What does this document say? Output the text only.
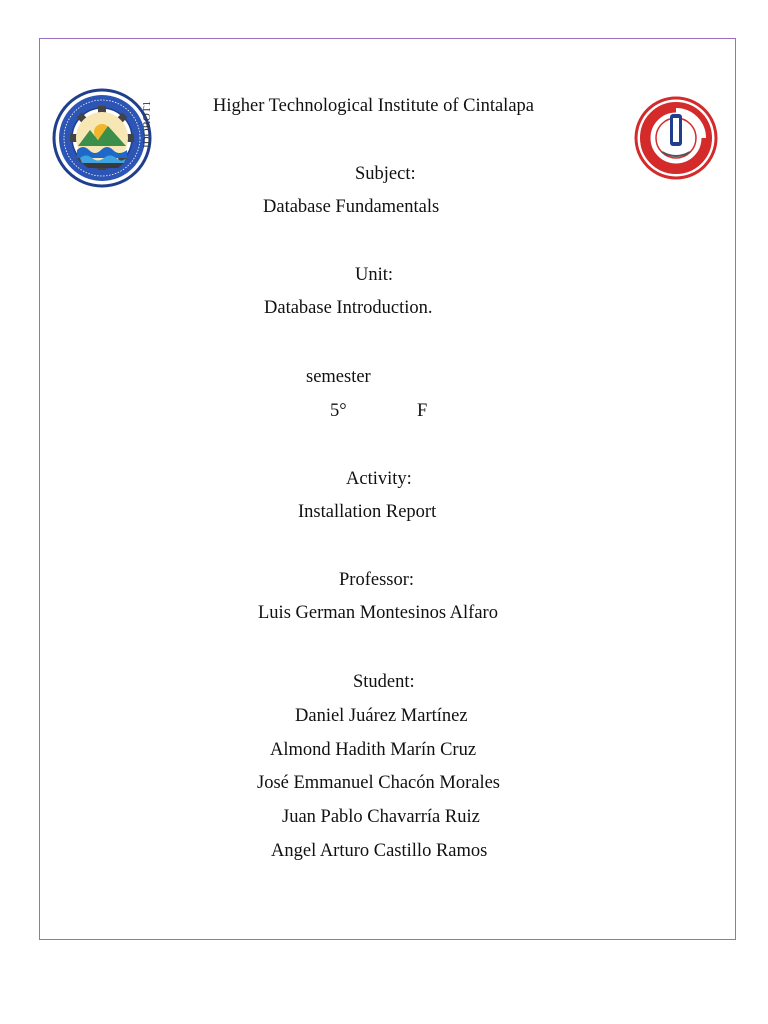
IDOROT1	Higher Technological Institute of Cintalapa
Subject:
Database Fundamentals
Unit:
Database Introduction.
semester
5°	F
Activity:
Installation Report
Professor:
Luis German Montesinos Alfaro
Student:
Daniel Juárez Martínez
Almond Hadith Marín Cruz
José Emmanuel Chacón Morales
Juan Pablo Chavarría Ruiz
Angel Arturo Castillo Ramos
